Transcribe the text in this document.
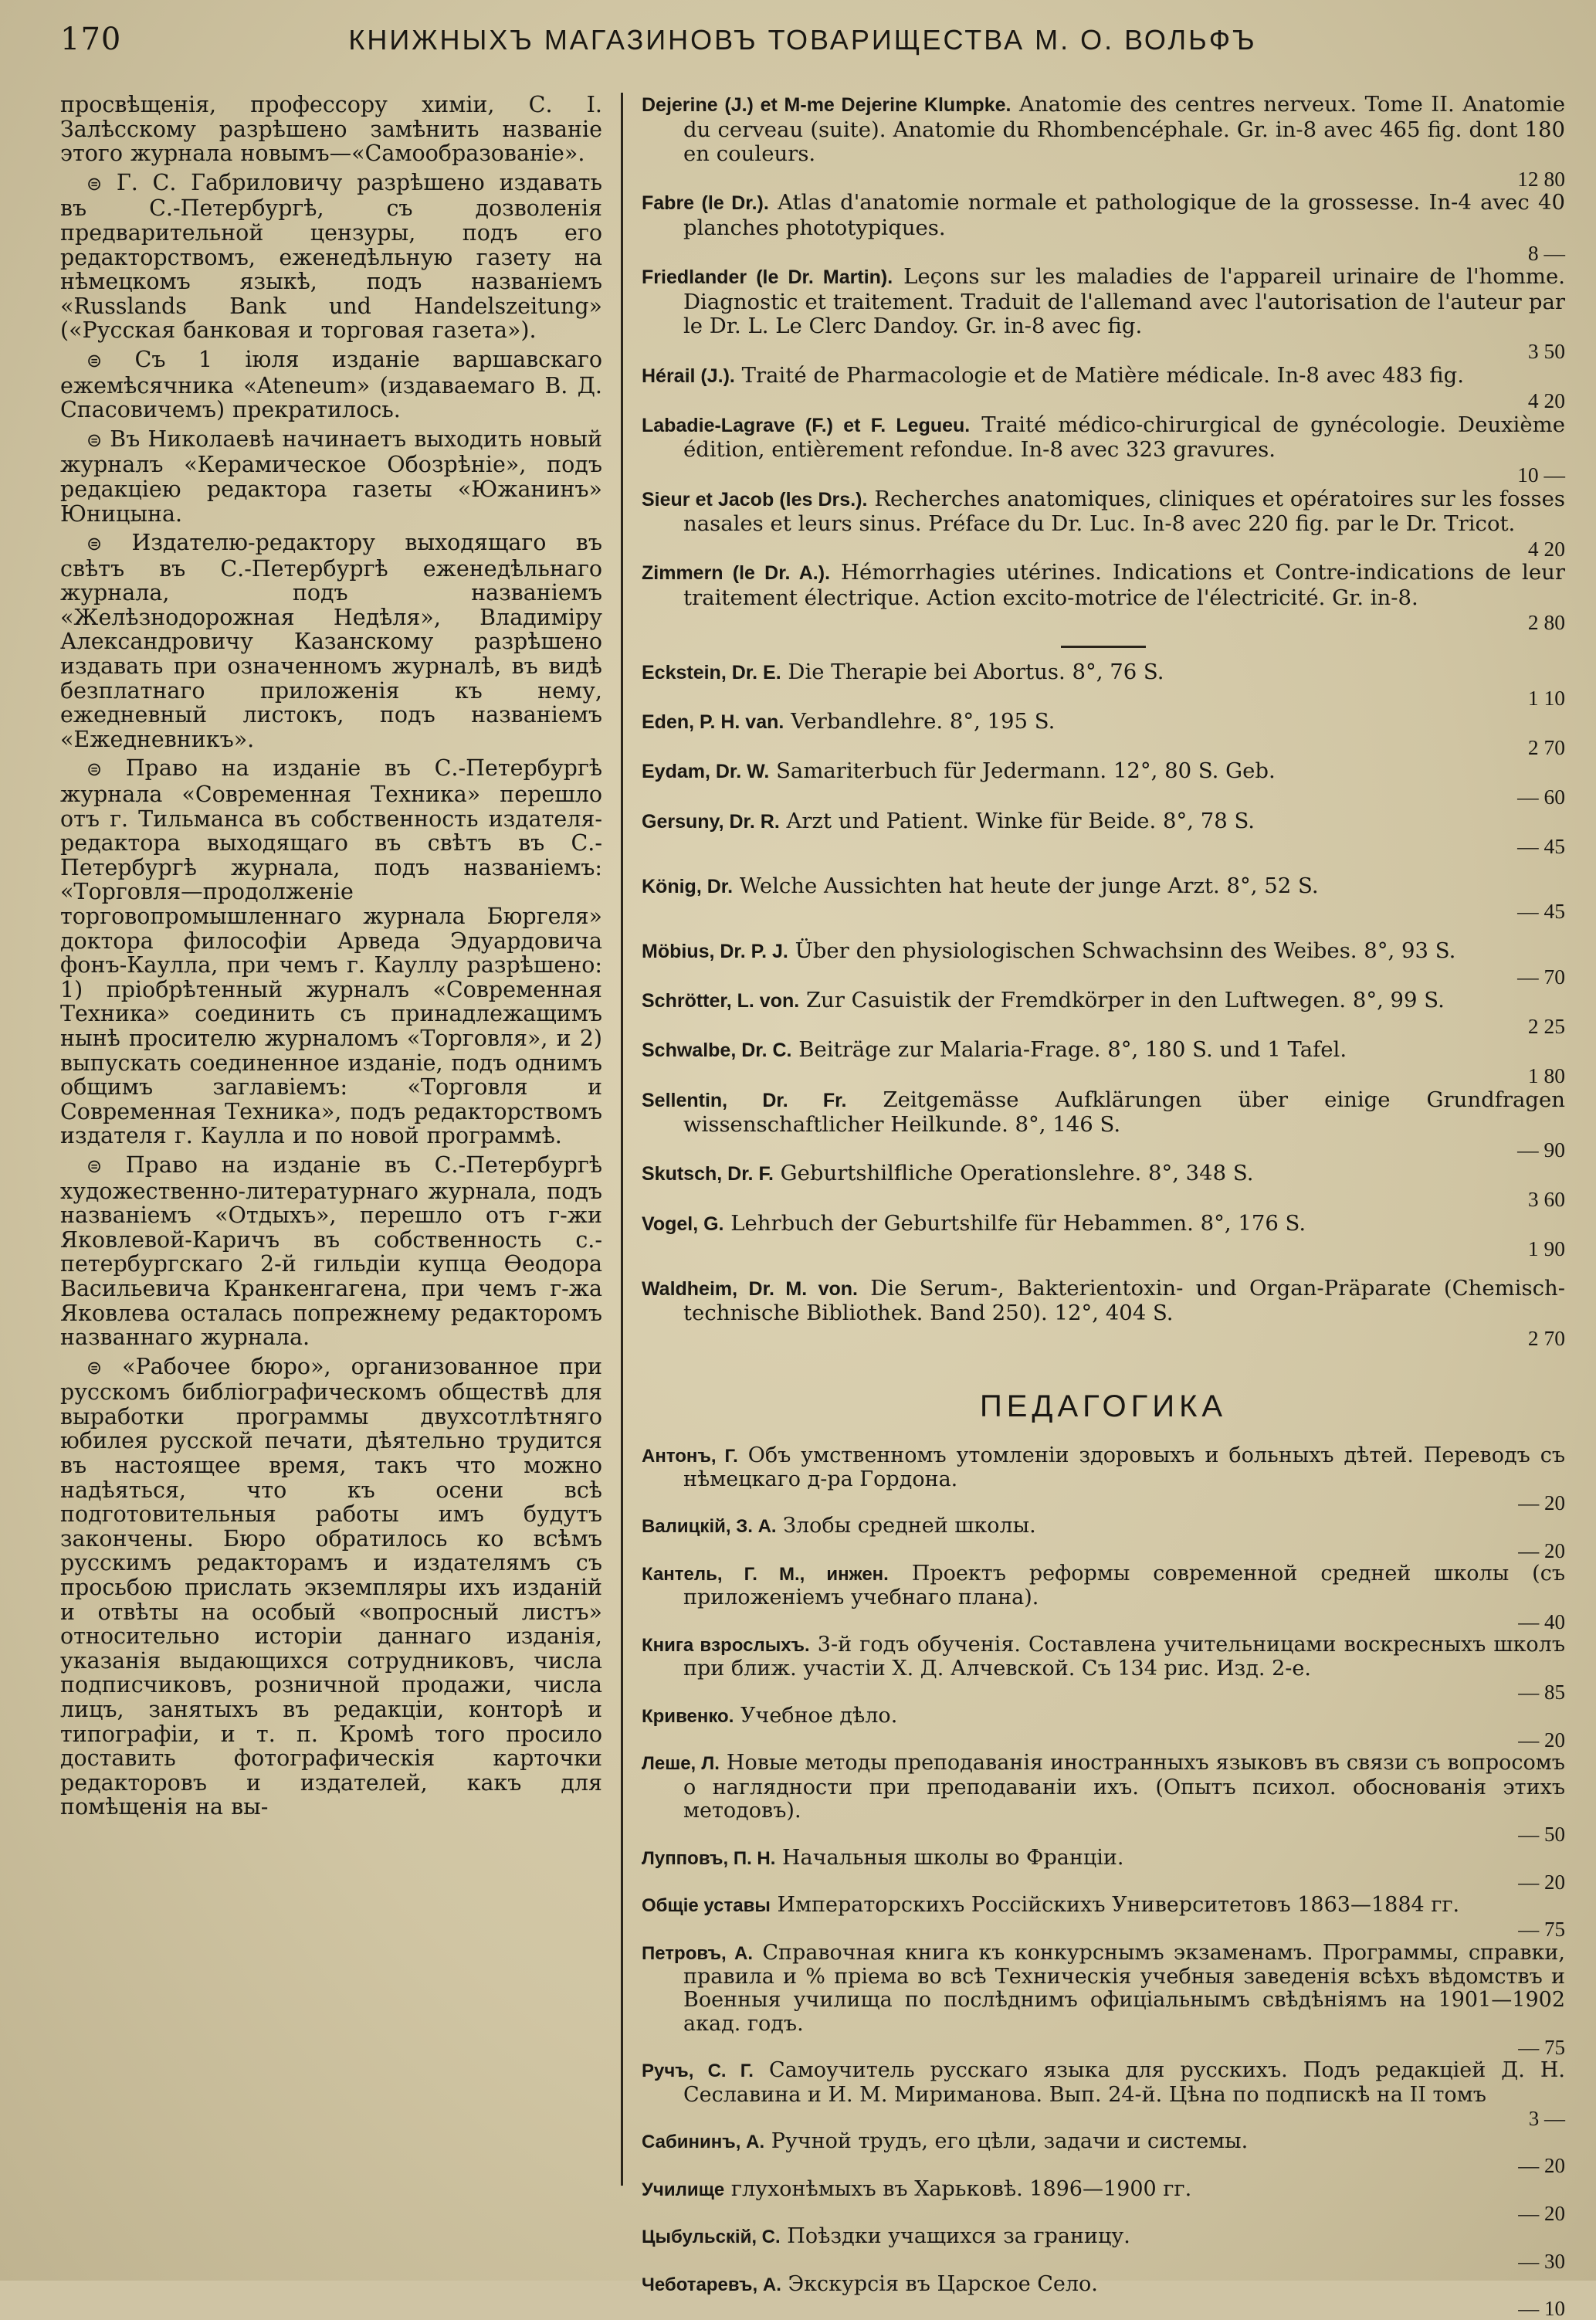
170	КНИЖНЫХЪ МАГАЗИНОВЪ ТОВАРИЩЕСТВА М. О. ВОЛЬФЪ

просвѣщенія, профессору химіи, С. І. Залѣсскому разрѣшено замѣнить названіе этого журнала новымъ—«Самообразованіе».

⊜ Г. С. Габриловичу разрѣшено издавать въ С.-Петербургѣ, съ дозволенія предварительной цензуры, подъ его редакторствомъ, еженедѣльную газету на нѣмецкомъ языкѣ, подъ названіемъ «Russlands Bank und Handelszeitung» («Русская банковая и торговая газета»).

⊜ Съ 1 іюля изданіе варшавскаго ежемѣсячника «Ateneum» (издаваемаго В. Д. Спасовичемъ) прекратилось.

⊜ Въ Николаевѣ начинаетъ выходить новый журналъ «Керамическое Обозрѣніе», подъ редакціею редактора газеты «Южанинъ» Юницына.

⊜ Издателю-редактору выходящаго въ свѣтъ въ С.-Петербургѣ еженедѣльнаго журнала, подъ названіемъ «Желѣзнодорожная Недѣля», Владиміру Александровичу Казанскому разрѣшено издавать при означенномъ журналѣ, въ видѣ безплатнаго приложенія къ нему, ежедневный листокъ, подъ названіемъ «Ежедневникъ».

⊜ Право на изданіе въ С.-Петербургѣ журнала «Современная Техника» перешло отъ г. Тильманса въ собственность издателя-редактора выходящаго въ свѣтъ въ С.-Петербургѣ журнала, подъ названіемъ: «Торговля—продолженіе торговопромышленнаго журнала Бюргеля» доктора философіи Арведа Эдуардовича фонъ-Каулла, при чемъ г. Кауллу разрѣшено: 1) пріобрѣтенный журналъ «Современная Техника» соединить съ принадлежащимъ нынѣ просителю журналомъ «Торговля», и 2) выпускать соединенное изданіе, подъ однимъ общимъ заглавіемъ: «Торговля и Современная Техника», подъ редакторствомъ издателя г. Каулла и по новой программѣ.

⊜ Право на изданіе въ С.-Петербургѣ художественно-литературнаго журнала, подъ названіемъ «Отдыхъ», перешло отъ г-жи Яковлевой-Каричъ въ собственность с.-петербургскаго 2-й гильдіи купца Өеодора Васильевича Кранкенгагена, при чемъ г-жа Яковлева осталась попрежнему редакторомъ названнаго журнала.

⊜ «Рабочее бюро», организованное при русскомъ библіографическомъ обществѣ для выработки программы двухсотлѣтняго юбилея русской печати, дѣятельно трудится въ настоящее время, такъ что можно надѣяться, что къ осени всѣ подготовительныя работы имъ будутъ закончены. Бюро обратилось ко всѣмъ русскимъ редакторамъ и издателямъ съ просьбою прислать экземпляры ихъ изданій и отвѣты на особый «вопросный листъ» относительно исторіи даннаго изданія, указанія выдающихся сотрудниковъ, числа подписчиковъ, розничной продажи, числа лицъ, занятыхъ въ редакціи, конторѣ и типографіи, и т. п. Кромѣ того просило доставить фотографическія карточки редакторовъ и издателей, какъ для помѣщенія на вы-

Dejerine (J.) et M-me Dejerine Klumpke. Anatomie des centres nerveux. Tome II. Anatomie du cerveau (suite). Anatomie du Rhombencéphale. Gr. in-8 avec 465 fig. dont 180 en couleurs.
12 80
Fabre (le Dr.). Atlas d'anatomie normale et pathologique de la grossesse. In-4 avec 40 planches phototypiques.
8 —
Friedlander (le Dr. Martin). Leçons sur les maladies de l'appareil urinaire de l'homme. Diagnostic et traitement. Traduit de l'allemand avec l'autorisation de l'auteur par le Dr. L. Le Clerc Dandoy. Gr. in-8 avec fig.
3 50
Hérail (J.). Traité de Pharmacologie et de Matière médicale. In-8 avec 483 fig.
4 20
Labadie-Lagrave (F.) et F. Legueu. Traité médico-chirurgical de gynécologie. Deuxième édition, entièrement refondue. In-8 avec 323 gravures.
10 —
Sieur et Jacob (les Drs.). Recherches anatomiques, cliniques et opératoires sur les fosses nasales et leurs sinus. Préface du Dr. Luc. In-8 avec 220 fig. par le Dr. Tricot.
4 20
Zimmern (le Dr. A.). Hémorrhagies utérines. Indications et Contre-indications de leur traitement électrique. Action excito-motrice de l'électricité. Gr. in-8.
2 80
Eckstein, Dr. E. Die Therapie bei Abortus. 8°, 76 S.
1 10
Eden, P. H. van. Verbandlehre. 8°, 195 S.
2 70
Eydam, Dr. W. Samariterbuch für Jedermann. 12°, 80 S. Geb.
— 60
Gersuny, Dr. R. Arzt und Patient. Winke für Beide. 8°, 78 S.
— 45
König, Dr. Welche Aussichten hat heute der junge Arzt. 8°, 52 S.
— 45
Möbius, Dr. P. J. Über den physiologischen Schwachsinn des Weibes. 8°, 93 S.
— 70
Schrötter, L. von. Zur Casuistik der Fremdkörper in den Luftwegen. 8°, 99 S.
2 25
Schwalbe, Dr. C. Beiträge zur Malaria-Frage. 8°, 180 S. und 1 Tafel.
1 80
Sellentin, Dr. Fr. Zeitgemässe Aufklärungen über einige Grundfragen wissenschaftlicher Heilkunde. 8°, 146 S.
— 90
Skutsch, Dr. F. Geburtshilfliche Operationslehre. 8°, 348 S.
3 60
Vogel, G. Lehrbuch der Geburtshilfe für Hebammen. 8°, 176 S.
1 90
Waldheim, Dr. M. von. Die Serum-, Bakterientoxin- und Organ-Präparate (Chemisch-technische Bibliothek. Band 250). 12°, 404 S.
2 70
ПЕДАГОГИКА
Антонъ, Г. Объ умственномъ утомленіи здоровыхъ и больныхъ дѣтей. Переводъ съ нѣмецкаго д-ра Гордона.
— 20
Валицкій, З. А. Злобы средней школы.
— 20
Кантель, Г. М., инжен. Проектъ реформы современной средней школы (съ приложеніемъ учебнаго плана).
— 40
Книга взрослыхъ. 3-й годъ обученія. Составлена учительницами воскресныхъ школъ при ближ. участіи Х. Д. Алчевской. Съ 134 рис. Изд. 2-е.
— 85
Кривенко. Учебное дѣло.
— 20
Леше, Л. Новые методы преподаванія иностранныхъ языковъ въ связи съ вопросомъ о наглядности при преподаваніи ихъ. (Опытъ психол. обоснованія этихъ методовъ).
— 50
Лупповъ, П. Н. Начальныя школы во Франціи.
— 20
Общіе уставы Императорскихъ Россійскихъ Университетовъ 1863—1884 гг.
— 75
Петровъ, А. Справочная книга къ конкурснымъ экзаменамъ. Программы, справки, правила и % пріема во всѣ Техническія учебныя заведенія всѣхъ вѣдомствъ и Военныя училища по послѣднимъ офиціальнымъ свѣдѣніямъ на 1901—1902 акад. годъ.
— 75
Ручъ, С. Г. Самоучитель русскаго языка для русскихъ. Подъ редакціей Д. Н. Сеславина и И. М. Мириманова. Вып. 24-й. Цѣна по подпискѣ на II томъ
3 —
Сабининъ, А. Ручной трудъ, его цѣли, задачи и системы.
— 20
Училище глухонѣмыхъ въ Харьковѣ. 1896—1900 гг.
— 20
Цыбульскій, С. Поѣздки учащихся за границу.
— 30
Чеботаревъ, А. Экскурсія въ Царское Село.
— 10
